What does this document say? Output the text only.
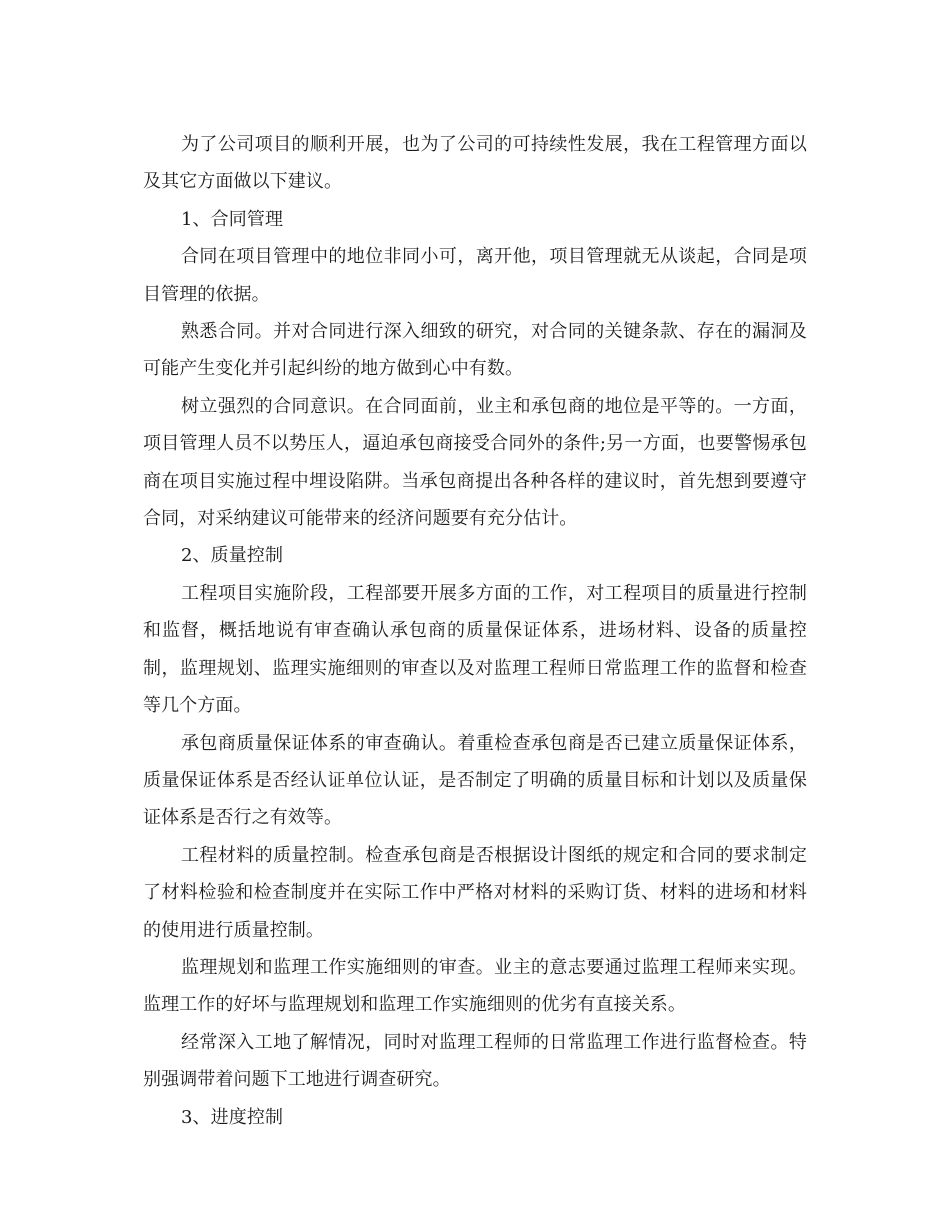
为了公司项目的顺利开展，也为了公司的可持续性发展，我在工程管理方面以及其它方面做以下建议。

1、合同管理

合同在项目管理中的地位非同小可，离开他，项目管理就无从谈起，合同是项目管理的依据。

熟悉合同。并对合同进行深入细致的研究，对合同的关键条款、存在的漏洞及可能产生变化并引起纠纷的地方做到心中有数。

树立强烈的合同意识。在合同面前，业主和承包商的地位是平等的。一方面，项目管理人员不以势压人，逼迫承包商接受合同外的条件;另一方面，也要警惕承包商在项目实施过程中埋设陷阱。当承包商提出各种各样的建议时，首先想到要遵守合同，对采纳建议可能带来的经济问题要有充分估计。

2、质量控制

工程项目实施阶段，工程部要开展多方面的工作，对工程项目的质量进行控制和监督，概括地说有审查确认承包商的质量保证体系，进场材料、设备的质量控制，监理规划、监理实施细则的审查以及对监理工程师日常监理工作的监督和检查等几个方面。

承包商质量保证体系的审查确认。着重检查承包商是否已建立质量保证体系，质量保证体系是否经认证单位认证，是否制定了明确的质量目标和计划以及质量保证体系是否行之有效等。

工程材料的质量控制。检查承包商是否根据设计图纸的规定和合同的要求制定了材料检验和检查制度并在实际工作中严格对材料的采购订货、材料的进场和材料的使用进行质量控制。

监理规划和监理工作实施细则的审查。业主的意志要通过监理工程师来实现。监理工作的好坏与监理规划和监理工作实施细则的优劣有直接关系。

经常深入工地了解情况，同时对监理工程师的日常监理工作进行监督检查。特别强调带着问题下工地进行调查研究。

3、进度控制
